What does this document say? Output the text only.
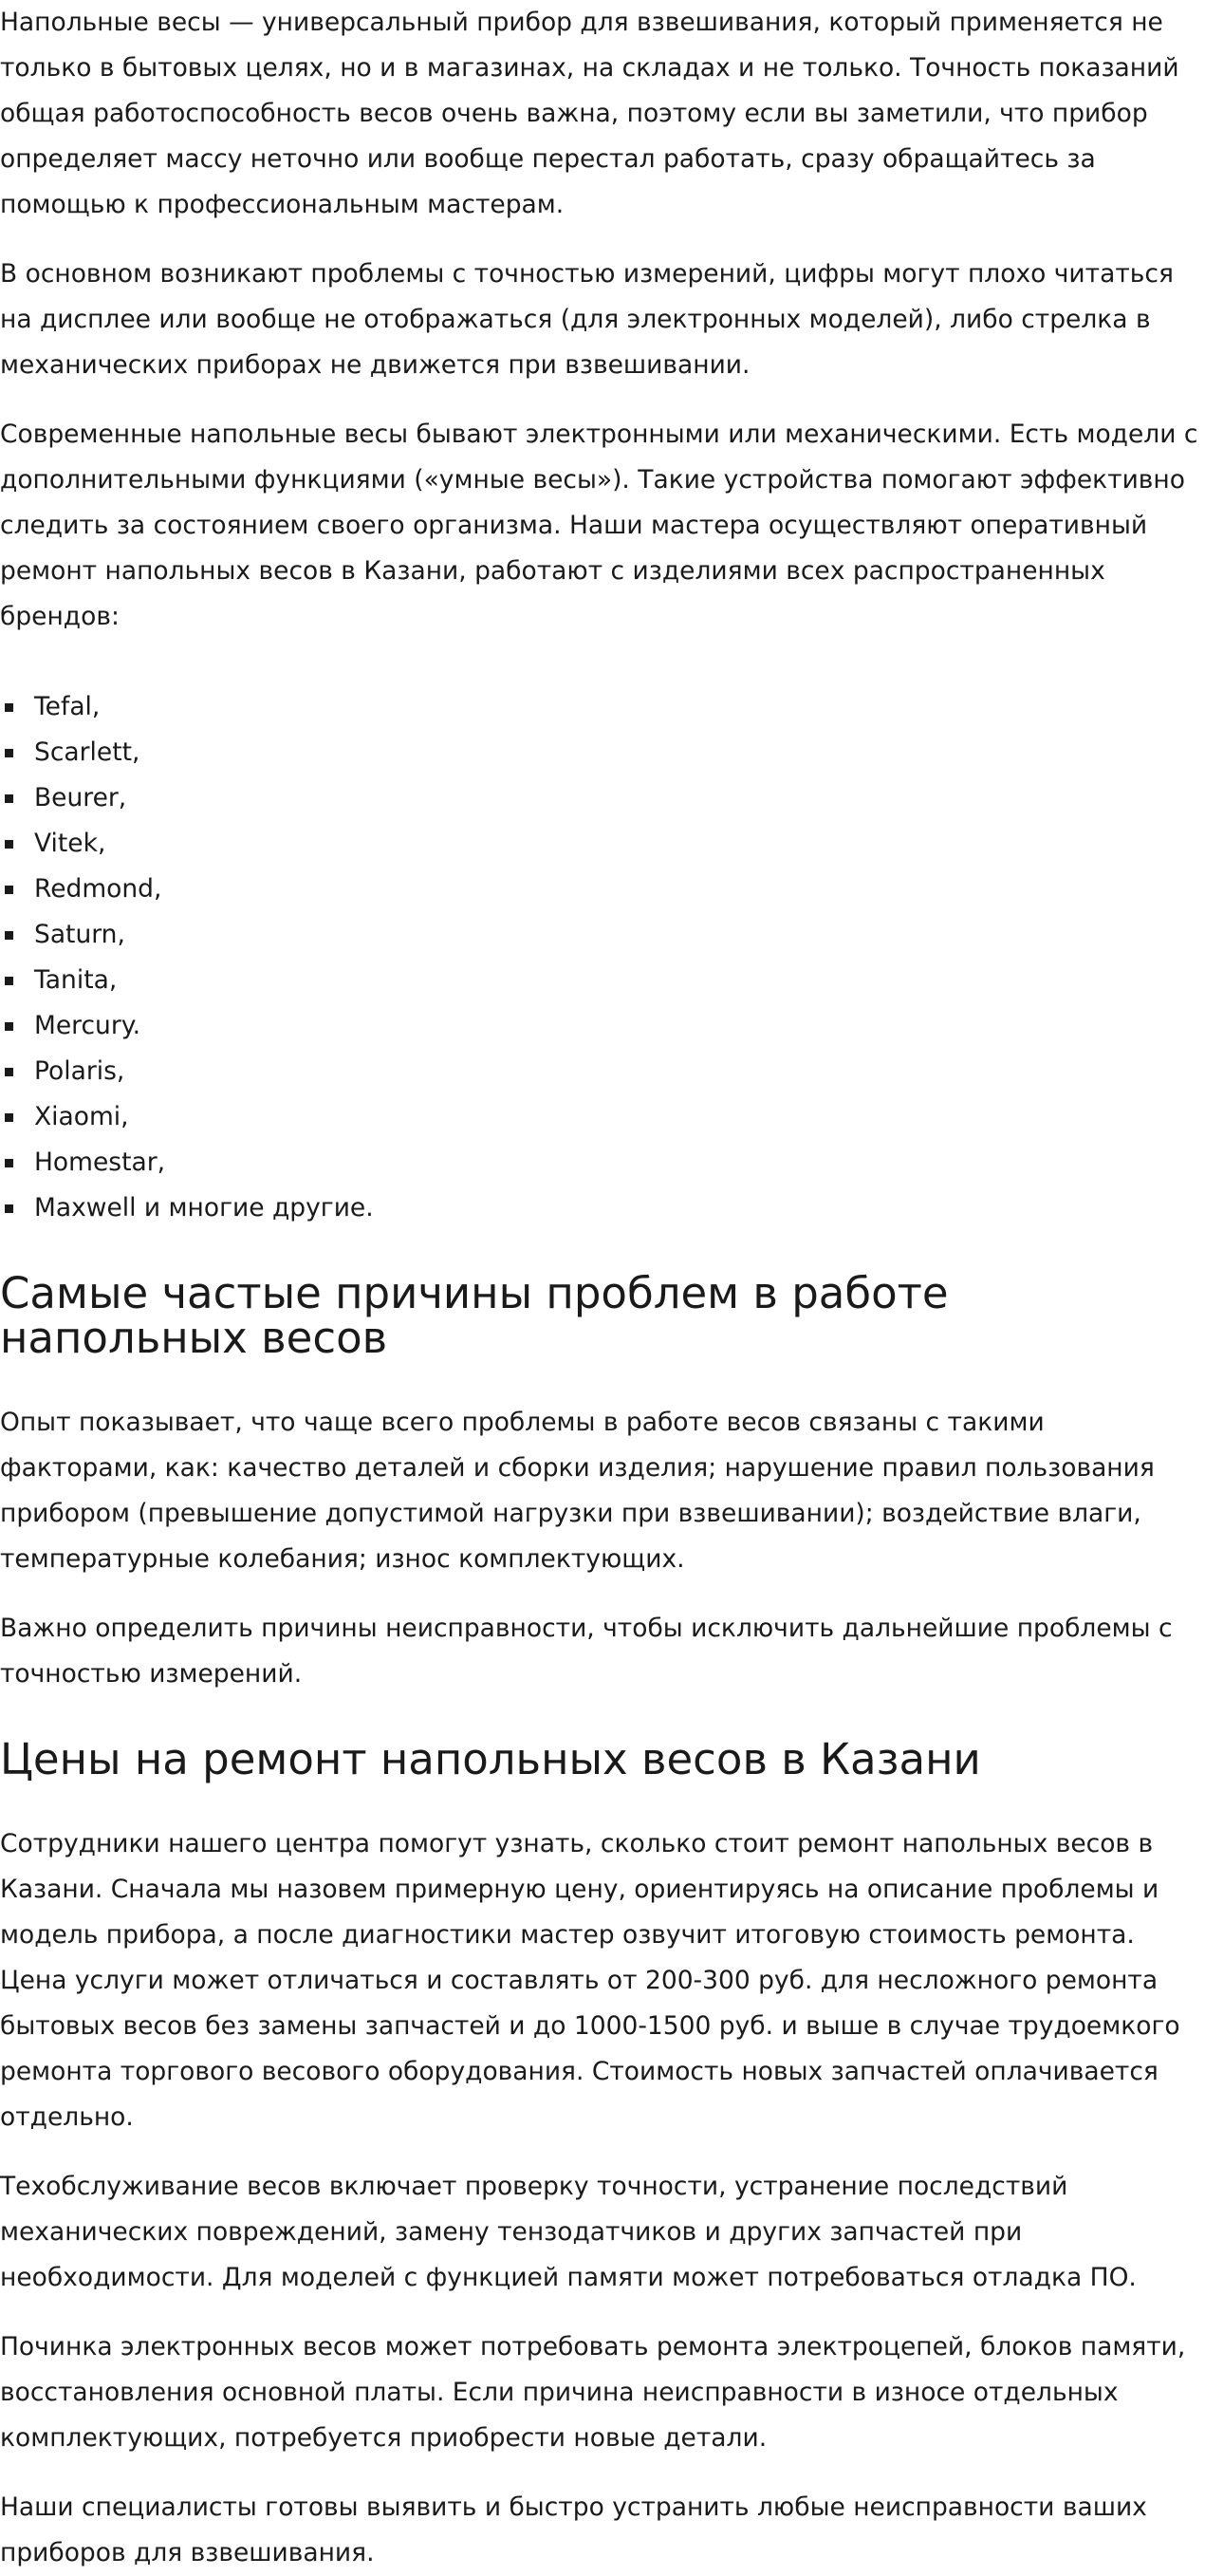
Напольные весы — универсальный прибор для взвешивания, который применяется не только в бытовых целях, но и в магазинах, на складах и не только. Точность показаний общая работоспособность весов очень важна, поэтому если вы заметили, что прибор определяет массу неточно или вообще перестал работать, сразу обращайтесь за помощью к профессиональным мастерам.

В основном возникают проблемы с точностью измерений, цифры могут плохо читаться на дисплее или вообще не отображаться (для электронных моделей), либо стрелка в механических приборах не движется при взвешивании.

Современные напольные весы бывают электронными или механическими. Есть модели с дополнительными функциями («умные весы»). Такие устройства помогают эффективно следить за состоянием своего организма. Наши мастера осуществляют оперативный ремонт напольных весов в Казани, работают с изделиями всех распространенных брендов:

Tefal,
Scarlett,
Beurer,
Vitek,
Redmond,
Saturn,
Tanita,
Mercury.
Polaris,
Xiaomi,
Homestar,
Maxwell и многие другие.
Самые частые причины проблем в работе напольных весов

Опыт показывает, что чаще всего проблемы в работе весов связаны с такими факторами, как: качество деталей и сборки изделия; нарушение правил пользования прибором (превышение допустимой нагрузки при взвешивании); воздействие влаги, температурные колебания; износ комплектующих.

Важно определить причины неисправности, чтобы исключить дальнейшие проблемы с точностью измерений.

Цены на ремонт напольных весов в Казани

Сотрудники нашего центра помогут узнать, сколько стоит ремонт напольных весов в Казани. Сначала мы назовем примерную цену, ориентируясь на описание проблемы и модель прибора, а после диагностики мастер озвучит итоговую стоимость ремонта. Цена услуги может отличаться и составлять от 200-300 руб. для несложного ремонта бытовых весов без замены запчастей и до 1000-1500 руб. и выше в случае трудоемкого ремонта торгового весового оборудования. Стоимость новых запчастей оплачивается отдельно.

Техобслуживание весов включает проверку точности, устранение последствий механических повреждений, замену тензодатчиков и других запчастей при необходимости. Для моделей с функцией памяти может потребоваться отладка ПО.

Починка электронных весов может потребовать ремонта электроцепей, блоков памяти, восстановления основной платы. Если причина неисправности в износе отдельных комплектующих, потребуется приобрести новые детали.

Наши специалисты готовы выявить и быстро устранить любые неисправности ваших приборов для взвешивания.
